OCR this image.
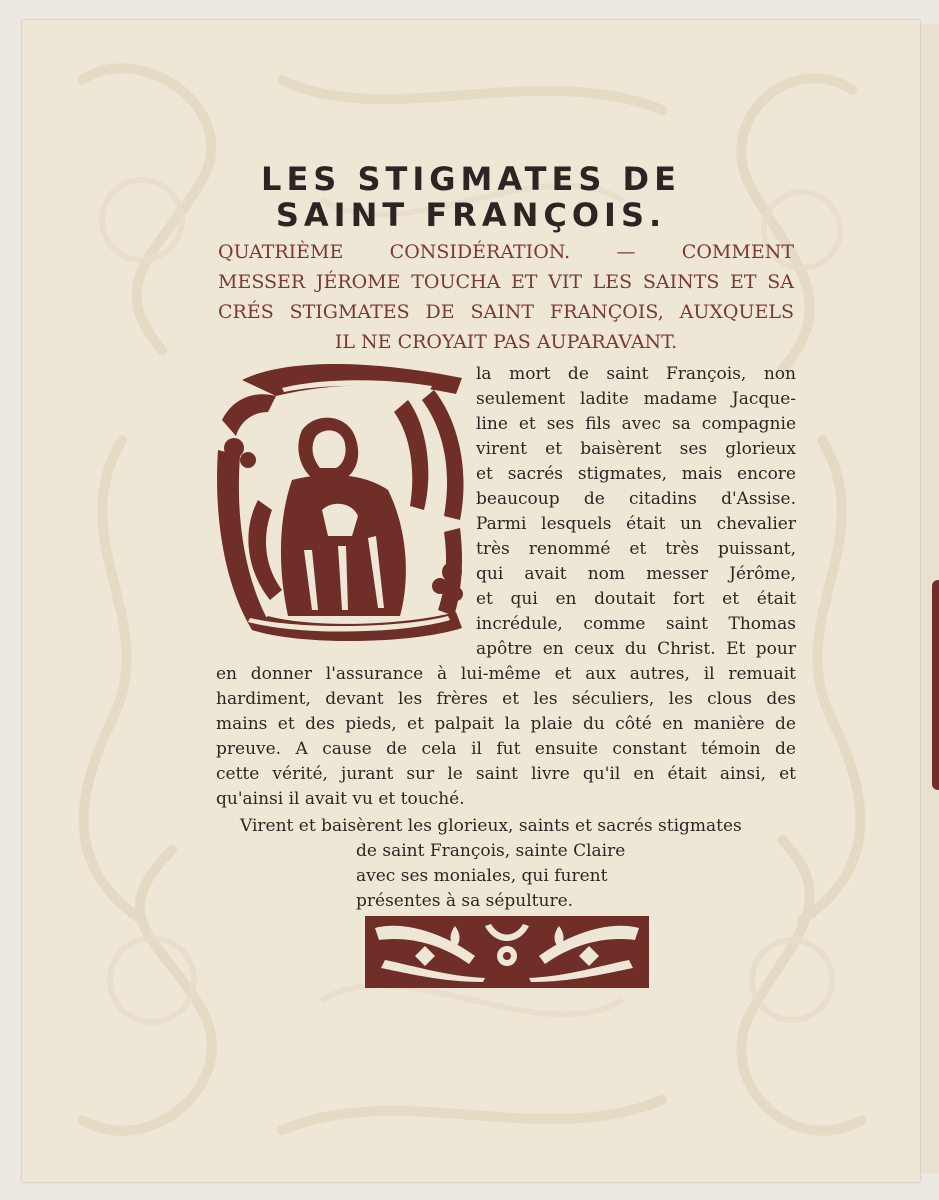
LES STIGMATES DE
SAINT FRANÇOIS.
QUATRIÈME CONSIDÉRATION. — COMMENT
MESSER JÉROME TOUCHA ET VIT LES SAINTS ET SA
CRÉS STIGMATES DE SAINT FRANÇOIS, AUXQUELS
IL NE CROYAIT PAS AUPARAVANT.
la mort de saint François, non
seulement ladite madame Jacque-
line et ses fils avec sa compagnie
virent et baisèrent ses glorieux
et sacrés stigmates, mais encore
beaucoup de citadins d'Assise.
Parmi lesquels était un chevalier
très renommé et très puissant,
qui avait nom messer Jérôme,
et qui en doutait fort et était
incrédule, comme saint Thomas
apôtre en ceux du Christ. Et pour
en donner l'assurance à lui-même et aux autres, il remuait
hardiment, devant les frères et les séculiers, les clous des
mains et des pieds, et palpait la plaie du côté en manière de
preuve. A cause de cela il fut ensuite constant témoin de
cette vérité, jurant sur le saint livre qu'il en était ainsi, et
qu'ainsi il avait vu et touché.
Virent et baisèrent les glorieux, saints et sacrés stigmates
de saint François, sainte Claire
avec ses moniales, qui furent
présentes à sa sépulture.
